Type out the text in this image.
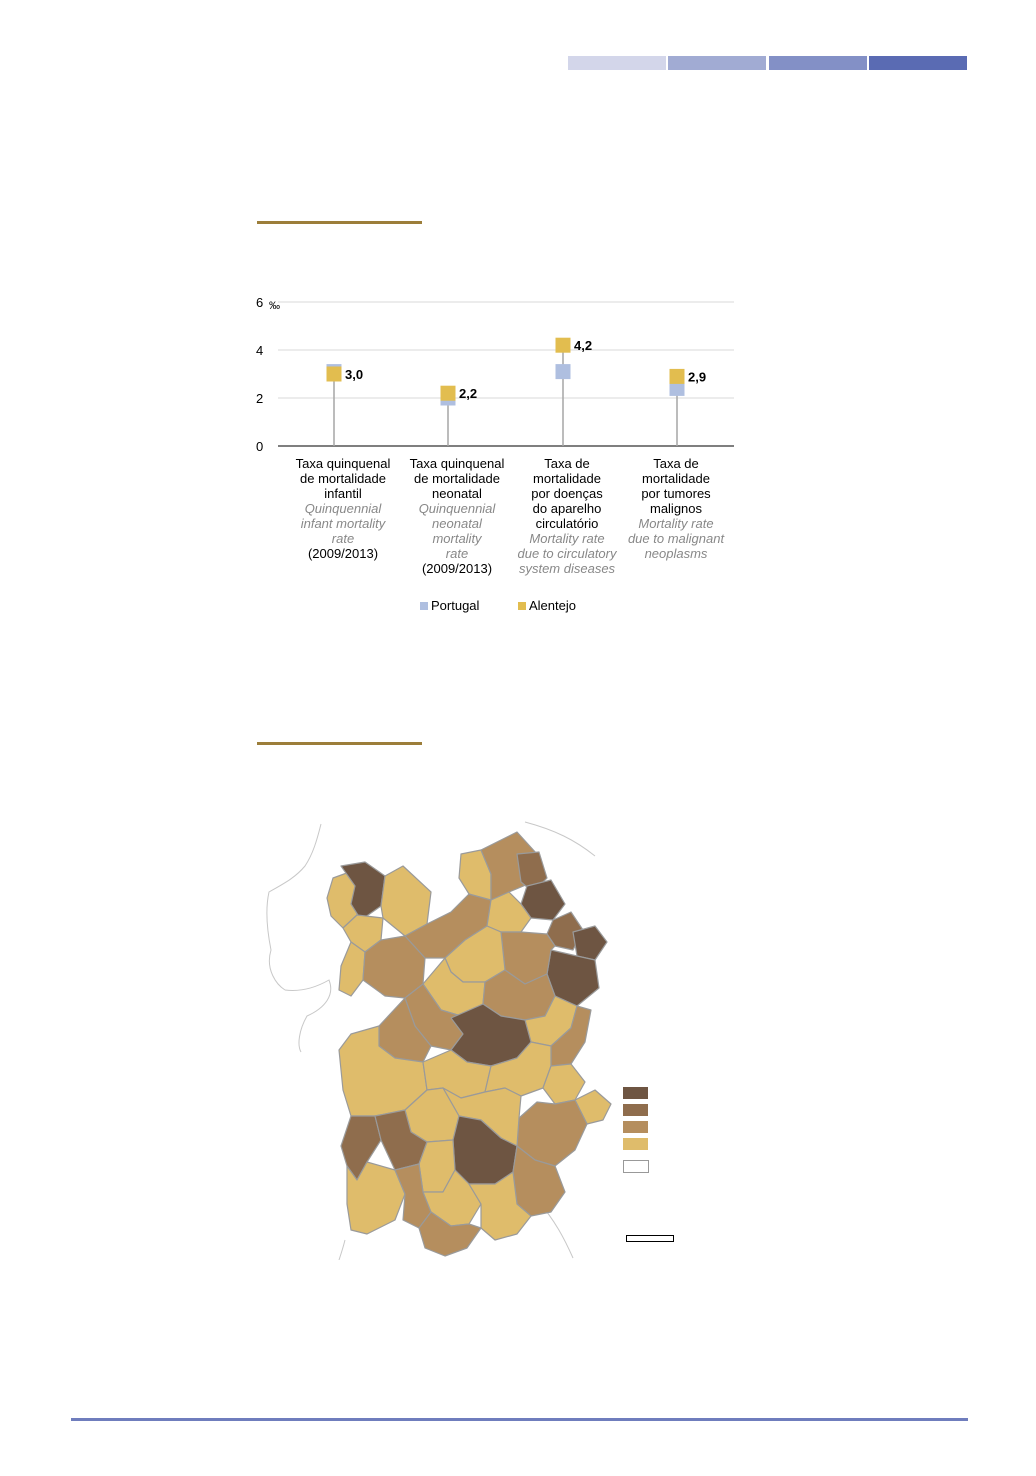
0
2
4
6 ‰
3,0
2,2
4,2
2,9
Taxa quinquenal
de mortalidade
infantil
Quinquennial
infant mortality
rate
(2009/2013)
Taxa quinquenal
de mortalidade
neonatal
Quinquennial
neonatal
mortality
rate
(2009/2013)
Taxa de
mortalidade
por doenças
do aparelho
circulatório
Mortality rate
due to circulatory
system diseases
Taxa de
mortalidade
por tumores
malignos
Mortality rate
due to malignant
neoplasms
Portugal	Alentejo
